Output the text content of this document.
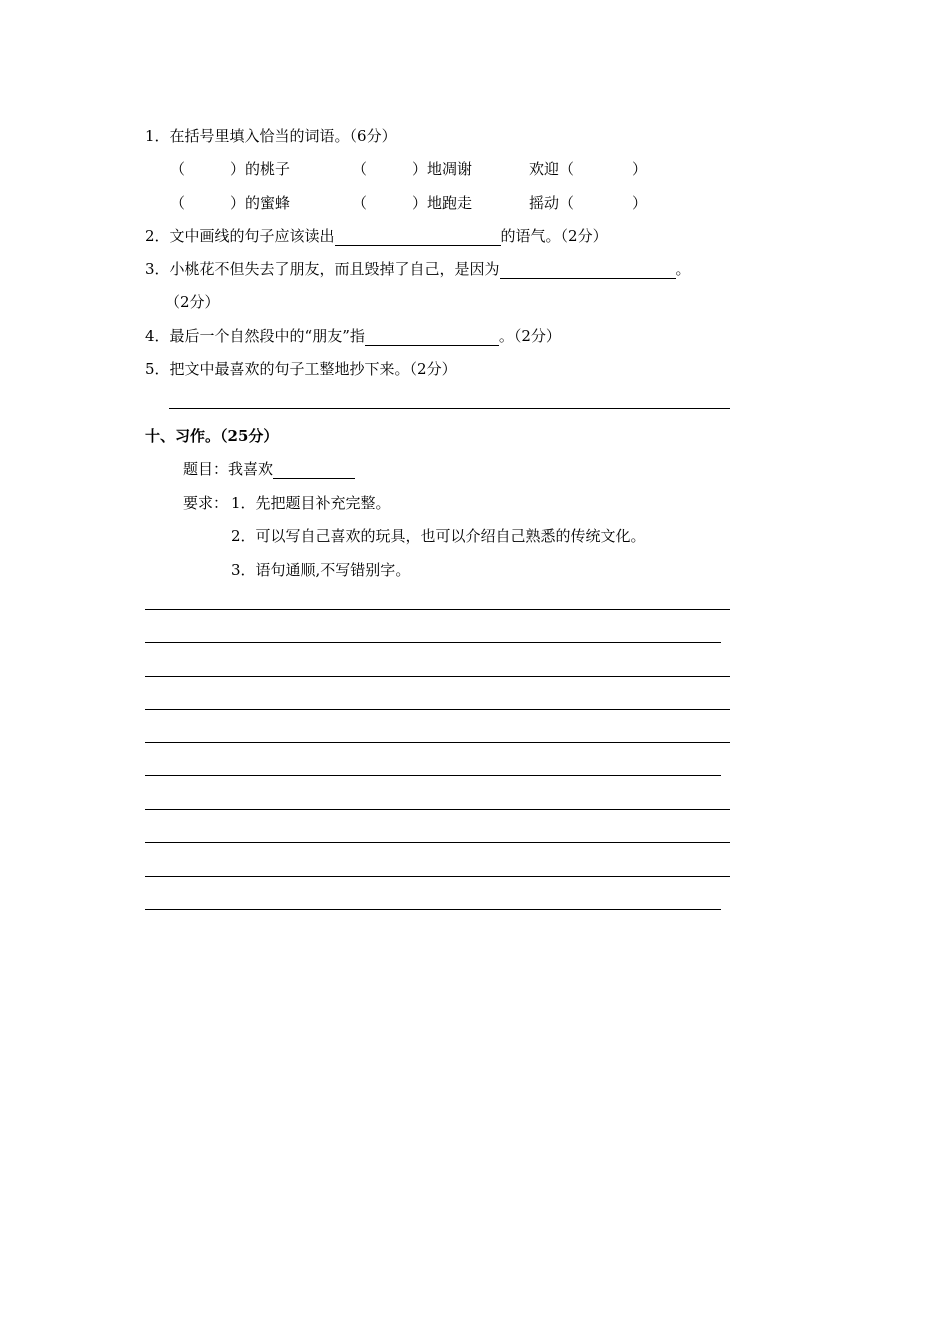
1．在括号里填入恰当的词语。（6分）
（	）的桃子	（	）地凋谢	欢迎（	）
（	）的蜜蜂	（	）地跑走	摇动（	）
2．文中画线的句子应该读出	的语气。（2分）
3．小桃花不但失去了朋友，而且毁掉了自己，是因为	。
（2分）
4．最后一个自然段中的“朋友”指	。（2分）
5．把文中最喜欢的句子工整地抄下来。（2分）
十、习作。（25分）
题目：我喜欢
要求： 1．先把题目补充完整。
2．可以写自己喜欢的玩具，也可以介绍自己熟悉的传统文化。
3．语句通顺,不写错别字。
